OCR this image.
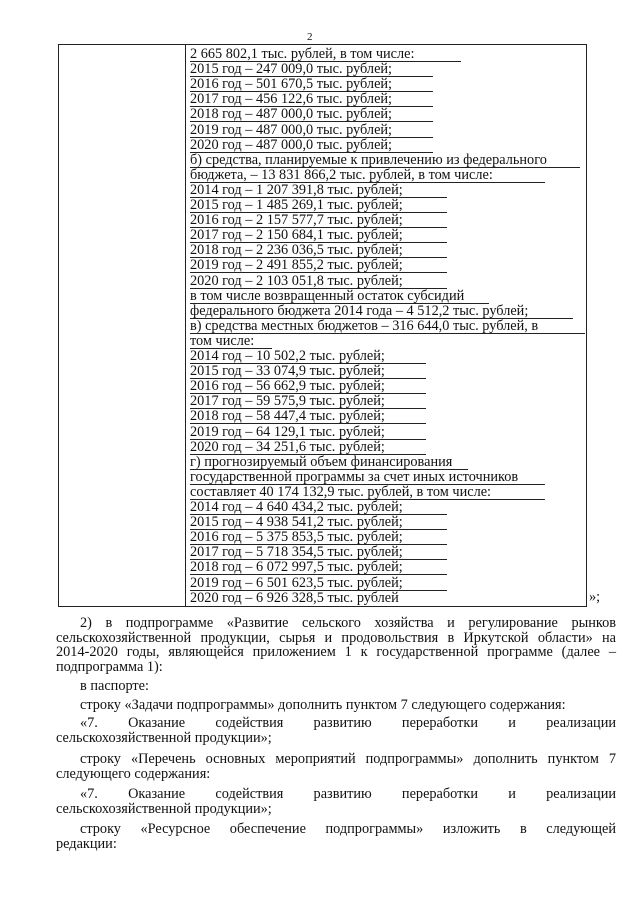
2
2 665 802,1 тыс. рублей, в том числе:
2015 год – 247 009,0 тыс. рублей;
2016 год – 501 670,5 тыс. рублей;
2017 год – 456 122,6 тыс. рублей;
2018 год – 487 000,0 тыс. рублей;
2019 год – 487 000,0 тыс. рублей;
2020 год – 487 000,0 тыс. рублей;
б) средства, планируемые к привлечению из федерального
бюджета, – 13 831 866,2 тыс. рублей, в том числе:
2014 год – 1 207 391,8 тыс. рублей;
2015 год – 1 485 269,1 тыс. рублей;
2016 год – 2 157 577,7 тыс. рублей;
2017 год – 2 150 684,1 тыс. рублей;
2018 год – 2 236 036,5 тыс. рублей;
2019 год – 2 491 855,2 тыс. рублей;
2020 год – 2 103 051,8 тыс. рублей;
в том числе возвращенный остаток субсидий
федерального бюджета 2014 года – 4 512,2 тыс. рублей;
в) средства местных бюджетов – 316 644,0 тыс. рублей, в
том числе:
2014 год – 10 502,2 тыс. рублей;
2015 год – 33 074,9 тыс. рублей;
2016 год – 56 662,9 тыс. рублей;
2017 год – 59 575,9 тыс. рублей;
2018 год – 58 447,4 тыс. рублей;
2019 год – 64 129,1 тыс. рублей;
2020 год – 34 251,6 тыс. рублей;
г) прогнозируемый объем финансирования
государственной программы за счет иных источников
составляет 40 174 132,9 тыс. рублей, в том числе:
2014 год – 4 640 434,2 тыс. рублей;
2015 год – 4 938 541,2 тыс. рублей;
2016 год – 5 375 853,5 тыс. рублей;
2017 год – 5 718 354,5 тыс. рублей;
2018 год – 6 072 997,5 тыс. рублей;
2019 год – 6 501 623,5 тыс. рублей;
2020 год – 6 926 328,5 тыс. рублей	»;
2) в подпрограмме «Развитие сельского хозяйства и регулирование рынков
сельскохозяйственной продукции, сырья и продовольствия в Иркутской области» на
2014-2020 годы, являющейся приложением 1 к государственной программе (далее –
подпрограмма 1):
в паспорте:
строку «Задачи подпрограммы» дополнить пунктом 7 следующего содержания:
«7. Оказание содействия развитию переработки и реализации
сельскохозяйственной продукции»;
строку «Перечень основных мероприятий подпрограммы» дополнить пунктом 7
следующего содержания:
«7. Оказание содействия развитию переработки и реализации
сельскохозяйственной продукции»;
строку «Ресурсное обеспечение подпрограммы» изложить в следующей
редакции:
